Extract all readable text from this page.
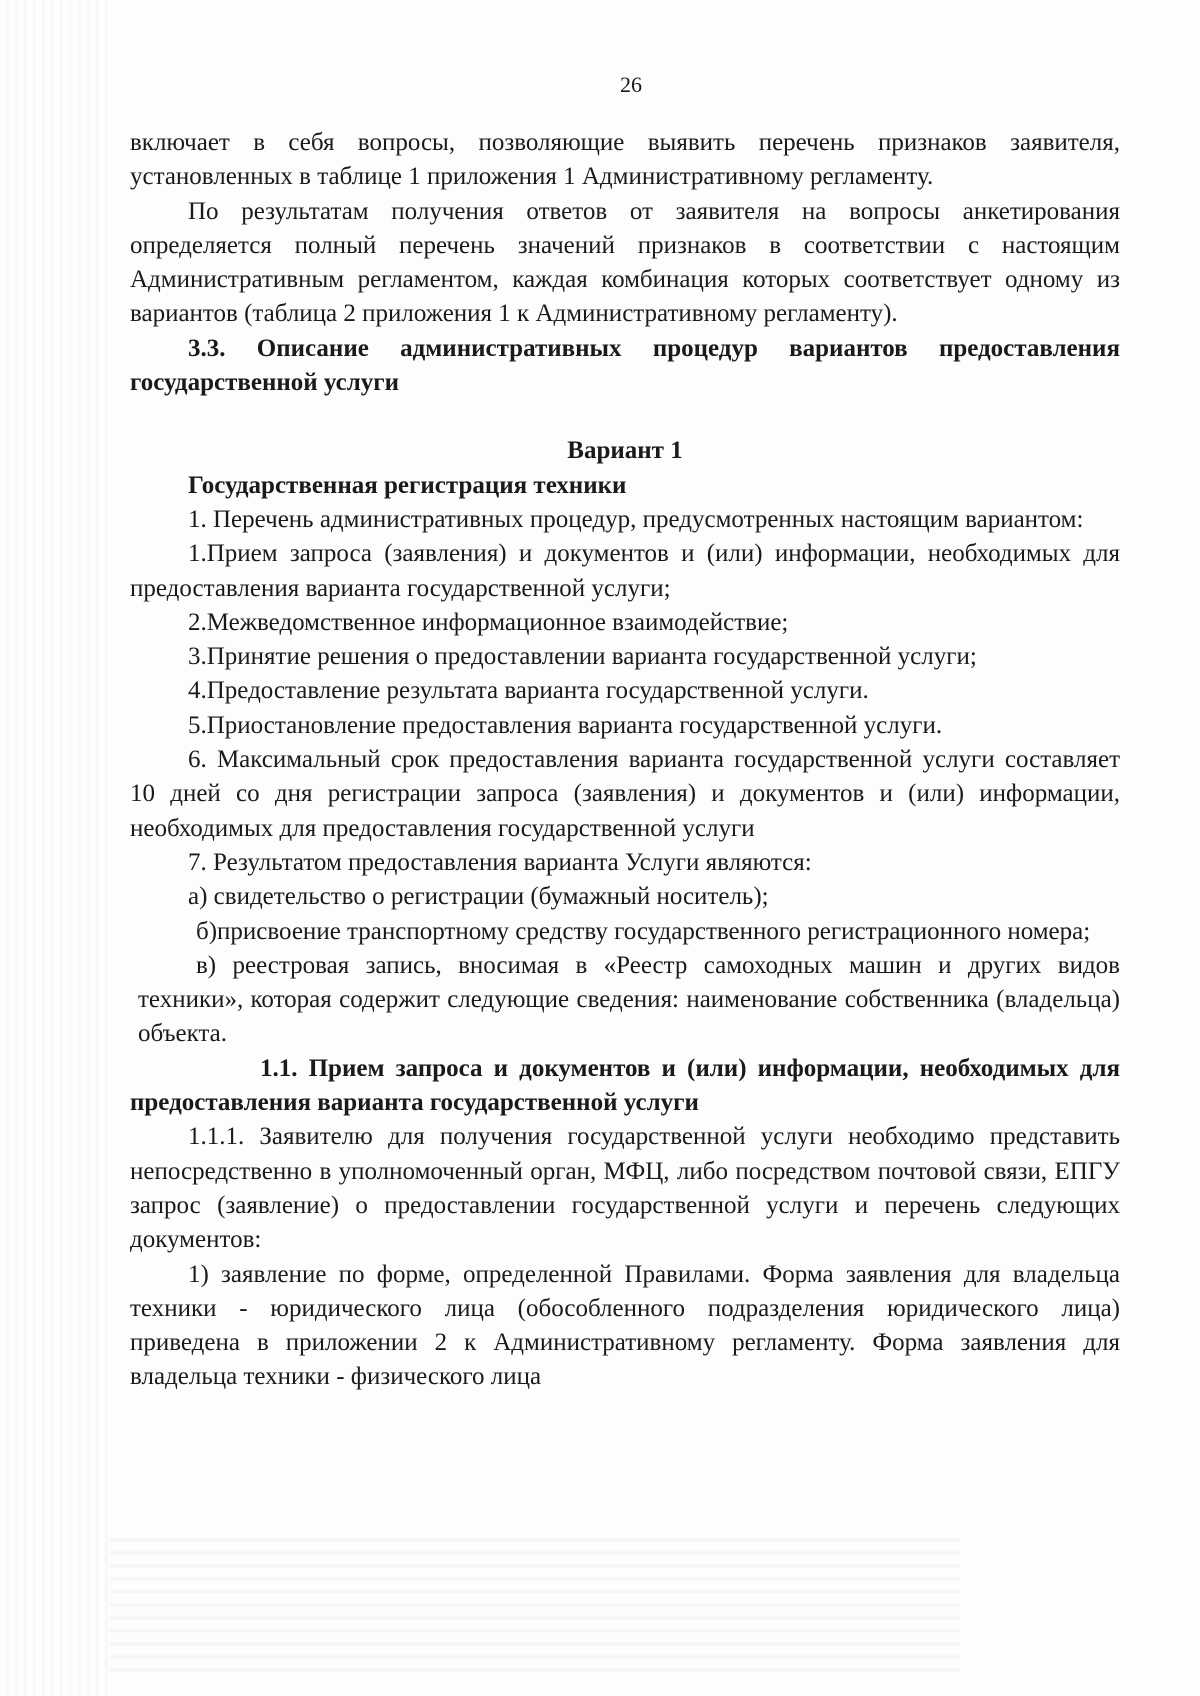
26

включает в себя вопросы, позволяющие выявить перечень признаков заявителя, установленных в таблице 1 приложения 1 Административному регламенту.

По результатам получения ответов от заявителя на вопросы анкетирования определяется полный перечень значений признаков в соответствии с настоящим Административным регламентом, каждая комбинация которых соответствует одному из вариантов (таблица 2 приложения 1 к Административному регламенту).

3.3. Описание административных процедур вариантов предоставления государственной услуги

Вариант 1

Государственная регистрация техники

1. Перечень административных процедур, предусмотренных настоящим вариантом:

1.Прием запроса (заявления) и документов и (или) информации, необходимых для предоставления варианта государственной услуги;

2.Межведомственное информационное взаимодействие;

3.Принятие решения о предоставлении варианта государственной услуги;

4.Предоставление результата варианта государственной услуги.

5.Приостановление предоставления варианта государственной услуги.

6. Максимальный срок предоставления варианта государственной услуги составляет 10 дней со дня регистрации запроса (заявления) и документов и (или) информации, необходимых для предоставления государственной услуги

7. Результатом предоставления варианта Услуги являются:

а) свидетельство о регистрации (бумажный носитель);

б)присвоение транспортному средству государственного регистрационного номера;

в) реестровая запись, вносимая в «Реестр самоходных машин и других видов техники», которая содержит следующие сведения: наименование собственника (владельца) объекта.

1.1. Прием запроса и документов и (или) информации, необходимых для предоставления варианта государственной услуги

1.1.1. Заявителю для получения государственной услуги необходимо представить непосредственно в уполномоченный орган, МФЦ, либо посредством почтовой связи, ЕПГУ запрос (заявление) о предоставлении государственной услуги и перечень следующих документов:

1) заявление по форме, определенной Правилами. Форма заявления для владельца техники - юридического лица (обособленного подразделения юридического лица) приведена в приложении 2 к Административному регламенту. Форма заявления для владельца техники - физического лица
